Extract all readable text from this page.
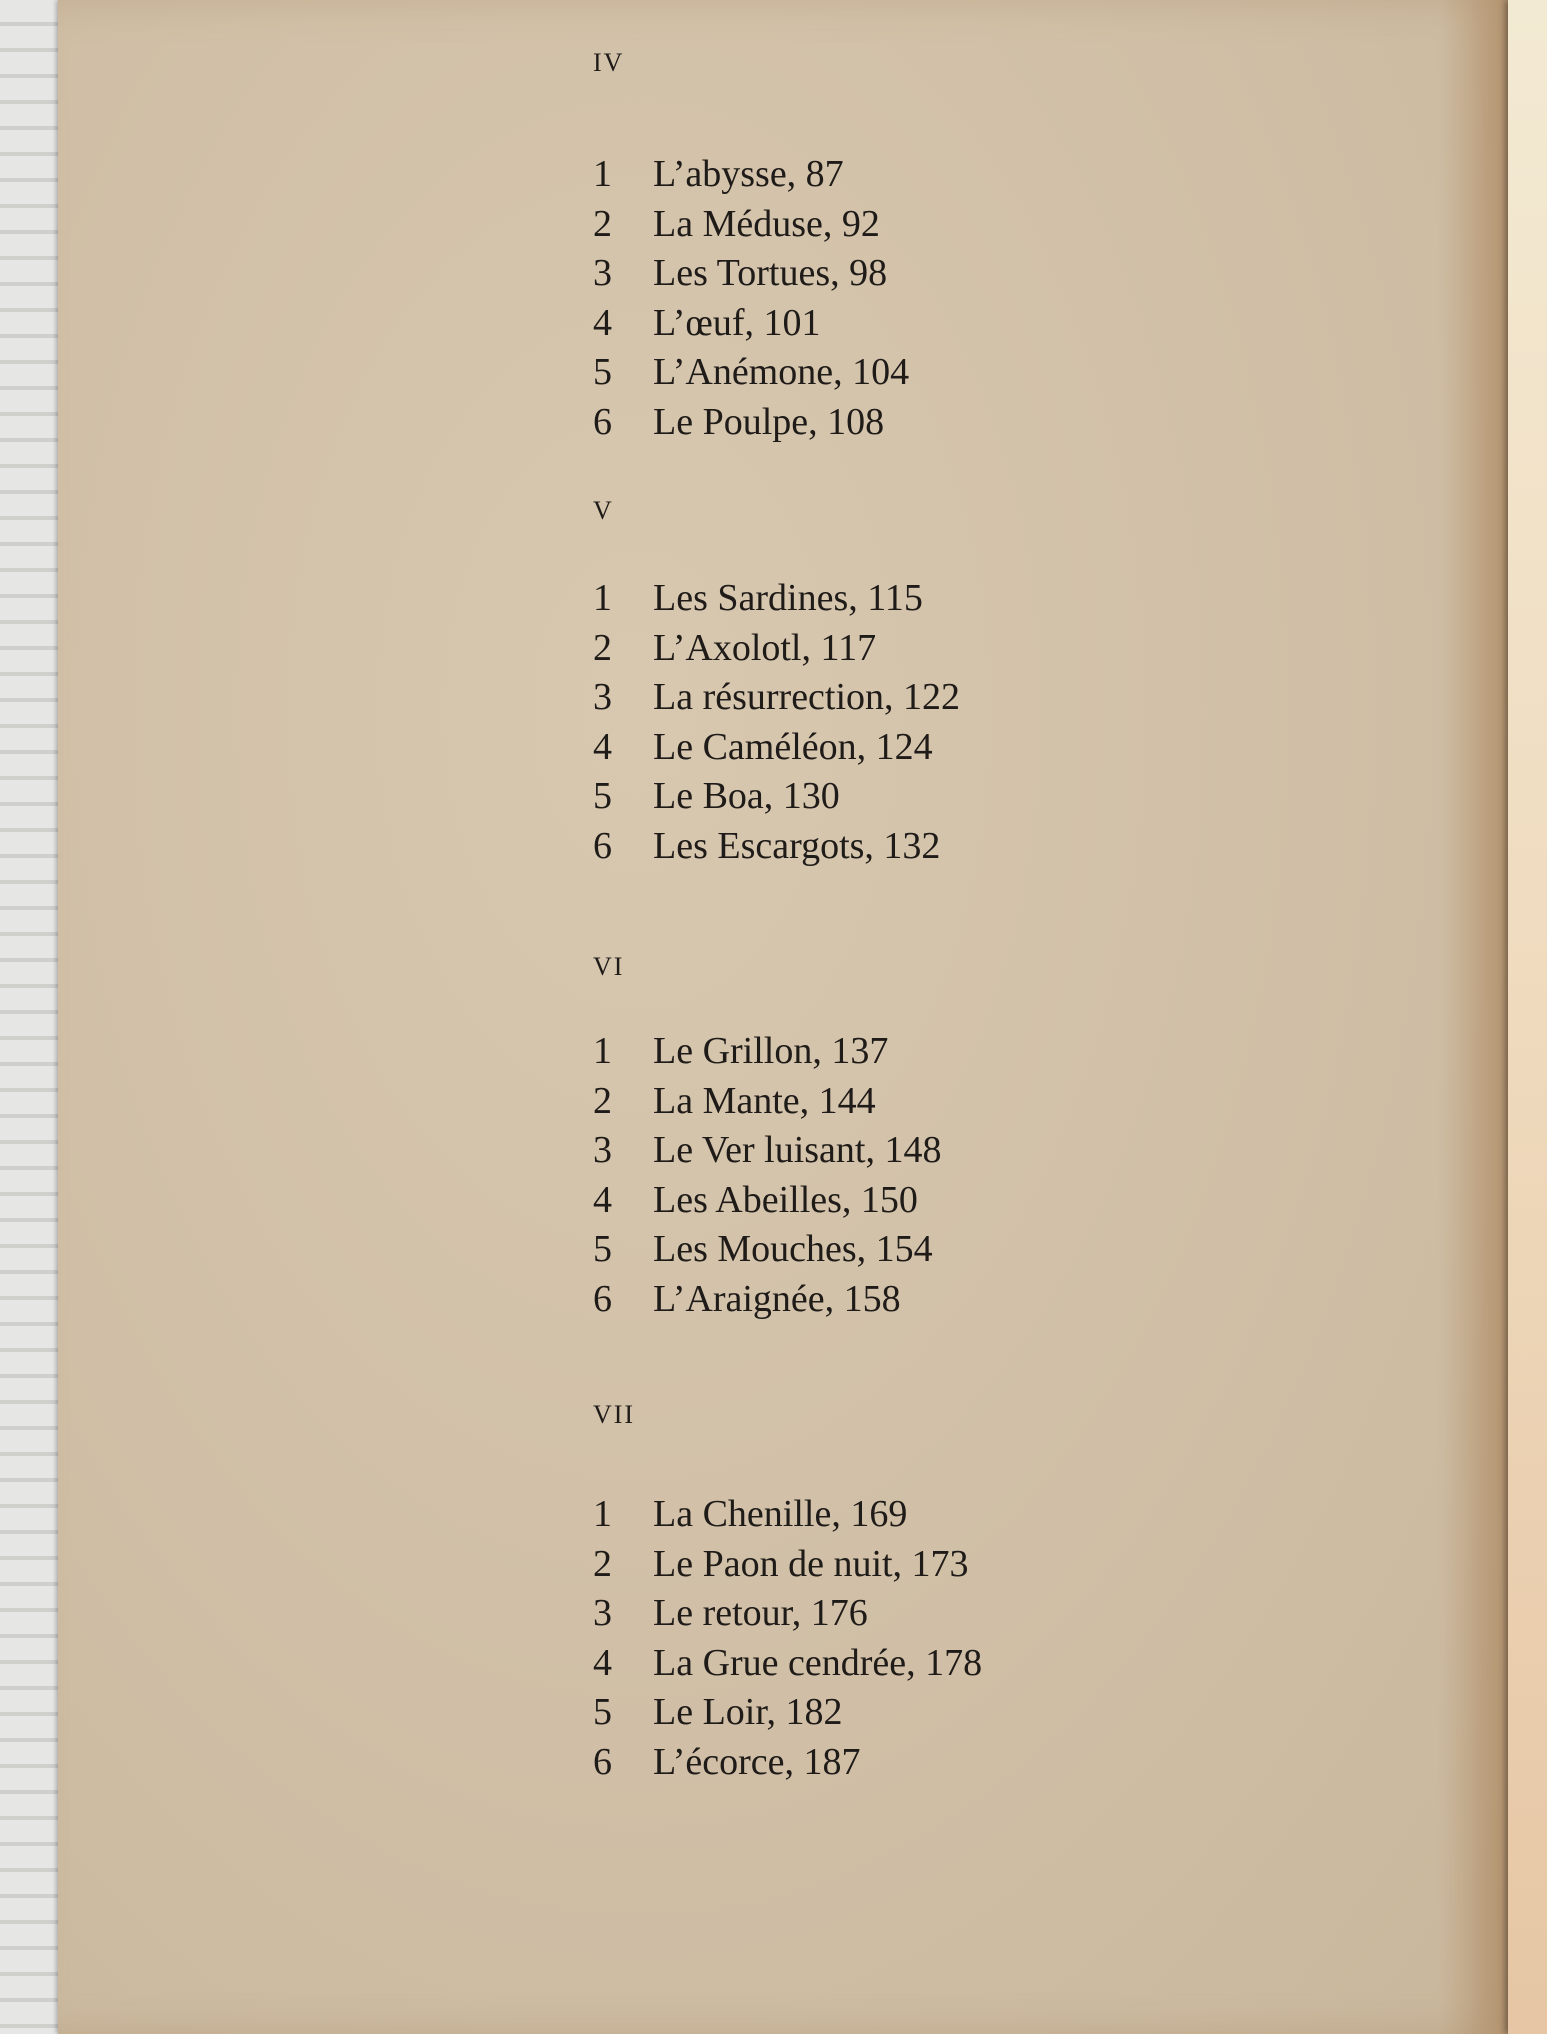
IV
1	L’abysse, 87
2	La Méduse, 92
3	Les Tortues, 98
4	L’œuf, 101
5	L’Anémone, 104
6	Le Poulpe, 108
V
1	Les Sardines, 115
2	L’Axolotl, 117
3	La résurrection, 122
4	Le Caméléon, 124
5	Le Boa, 130
6	Les Escargots, 132
VI
1	Le Grillon, 137
2	La Mante, 144
3	Le Ver luisant, 148
4	Les Abeilles, 150
5	Les Mouches, 154
6	L’Araignée, 158
VII
1	La Chenille, 169
2	Le Paon de nuit, 173
3	Le retour, 176
4	La Grue cendrée, 178
5	Le Loir, 182
6	L’écorce, 187
